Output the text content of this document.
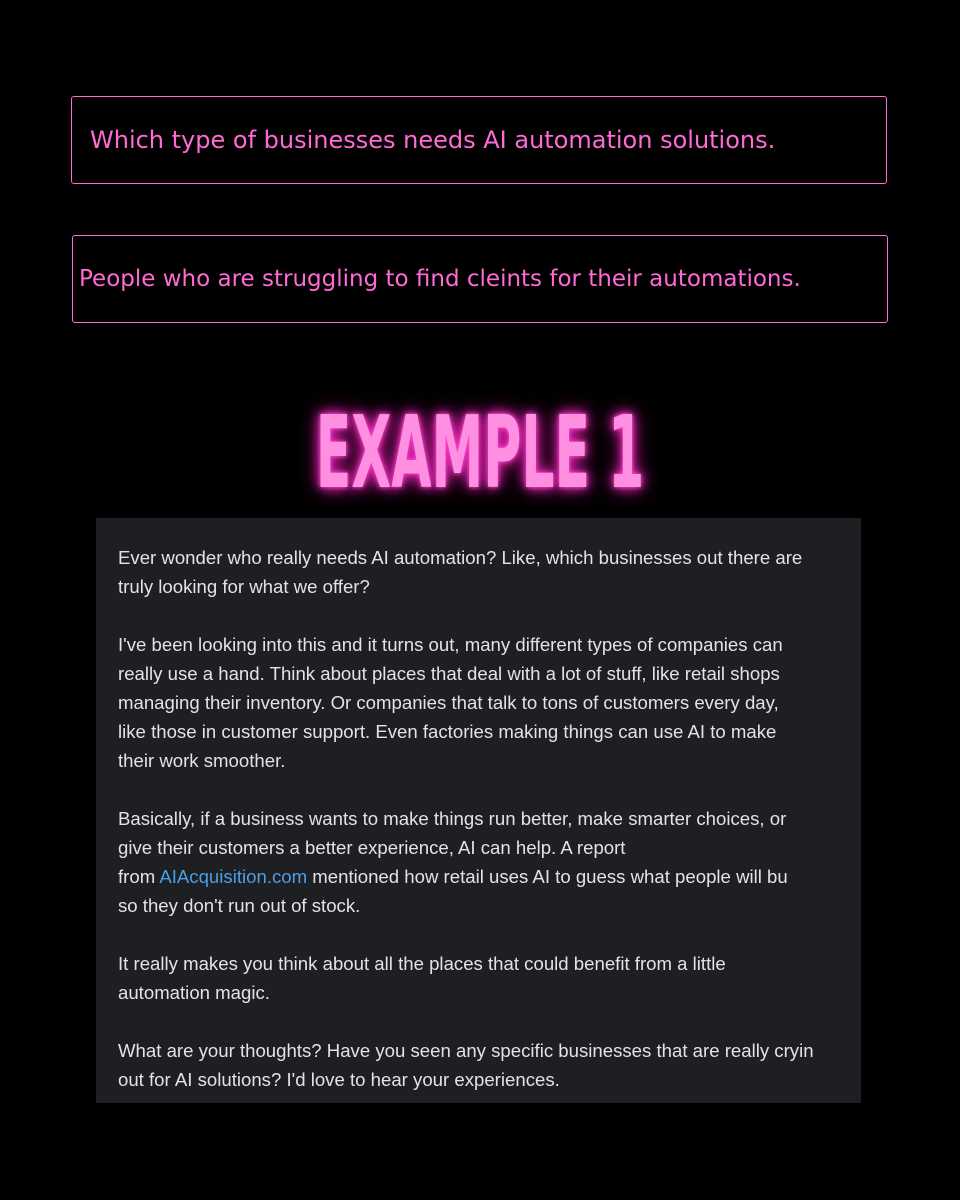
Which type of businesses needs AI automation solutions.
People who are struggling to find cleints for their automations.
EXAMPLE 1

Ever wonder who really needs AI automation? Like, which businesses out there are
truly looking for what we offer?

I've been looking into this and it turns out, many different types of companies can
really use a hand. Think about places that deal with a lot of stuff, like retail shops
managing their inventory. Or companies that talk to tons of customers every day,
like those in customer support. Even factories making things can use AI to make
their work smoother.

Basically, if a business wants to make things run better, make smarter choices, or
give their customers a better experience, AI can help. A report
from AIAcquisition.com mentioned how retail uses AI to guess what people will bu
so they don't run out of stock.

It really makes you think about all the places that could benefit from a little
automation magic.

What are your thoughts? Have you seen any specific businesses that are really cryin
out for AI solutions? I'd love to hear your experiences.
